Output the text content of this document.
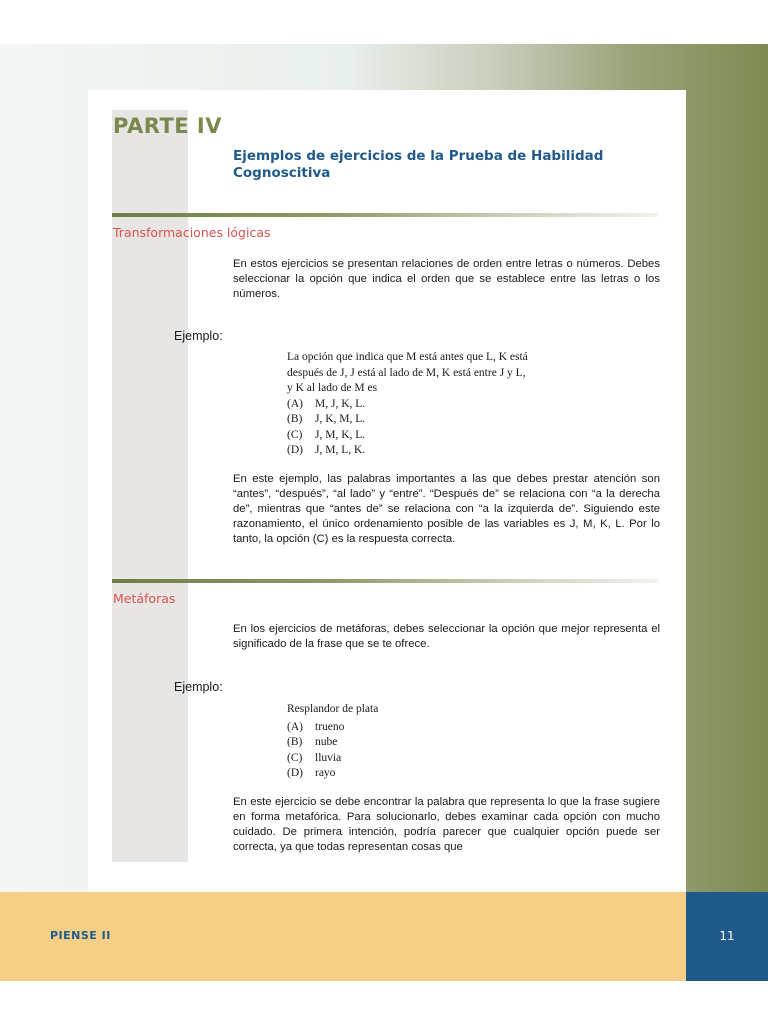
PARTE IV
Ejemplos de ejercicios de la Prueba de Habilidad Cognoscitiva
Transformaciones lógicas
En estos ejercicios se presentan relaciones de orden entre letras o números. Debes seleccionar la opción que indica el orden que se establece entre las letras o los números.
Ejemplo:
La opción que indica que M está antes que L, K está
después de J, J está al lado de M, K está entre J y L,
y K al lado de M es
(A)	M, J, K, L.
(B)	J, K, M, L.
(C)	J, M, K, L.
(D)	J, M, L, K.
En este ejemplo, las palabras importantes a las que debes prestar atención son “antes”, “después”, “al lado” y “entre”. “Después de” se relaciona con “a la derecha de”, mientras que “antes de” se relaciona con “a la izquierda de”. Siguiendo este razonamiento, el único ordenamiento posible de las variables es J, M, K, L. Por lo tanto, la opción (C) es la respuesta correcta.
Metáforas
En los ejercicios de metáforas, debes seleccionar la opción que mejor representa el significado de la frase que se te ofrece.
Ejemplo:
Resplandor de plata
(A)	trueno
(B)	nube
(C)	lluvia
(D)	rayo
En este ejercicio se debe encontrar la palabra que representa lo que la frase sugiere en forma metafórica. Para solucionarlo, debes examinar cada opción con mucho cuidado. De primera intención, podría parecer que cualquier opción puede ser correcta, ya que todas representan cosas que
PIENSE II	11
